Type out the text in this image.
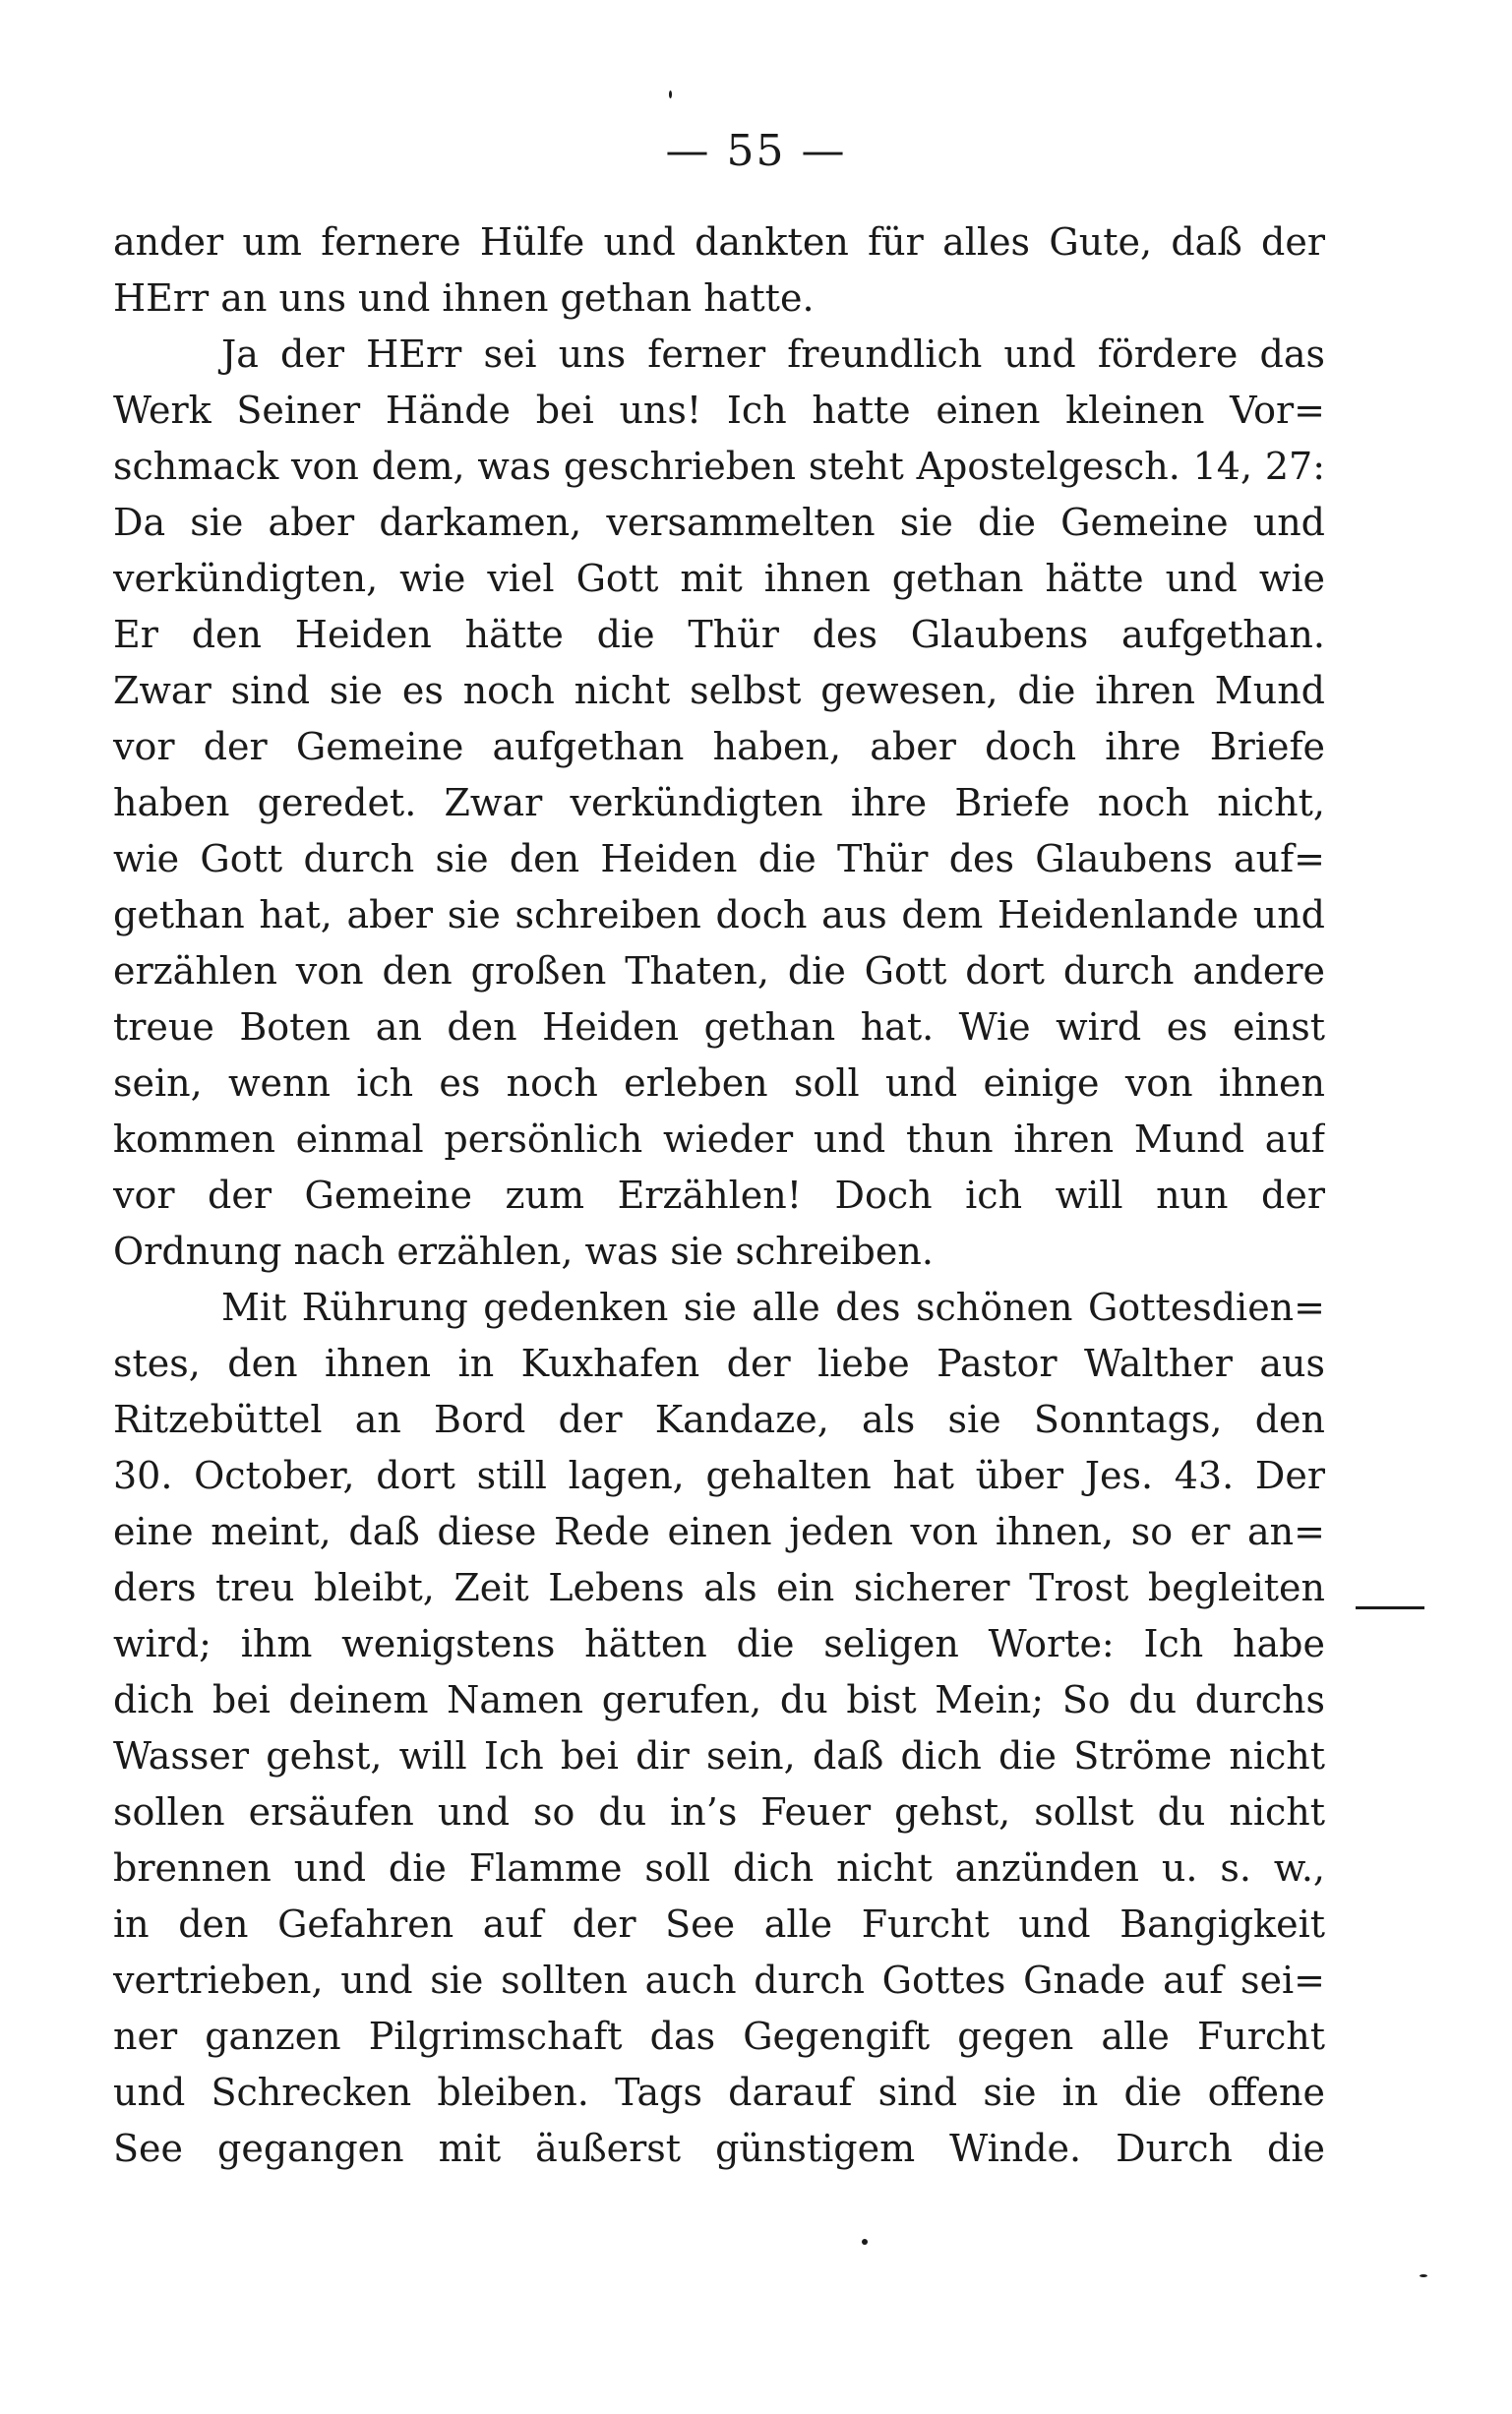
— 55 —
ander um fernere Hülfe und dankten für alles Gute, daß der
HErr an uns und ihnen gethan hatte.
Ja der HErr sei uns ferner freundlich und fördere das
Werk Seiner Hände bei uns! Ich hatte einen kleinen Vor=
schmack von dem, was geschrieben steht Apostelgesch. 14, 27:
Da sie aber darkamen, versammelten sie die Gemeine und
verkündigten, wie viel Gott mit ihnen gethan hätte und wie
Er den Heiden hätte die Thür des Glaubens aufgethan.
Zwar sind sie es noch nicht selbst gewesen, die ihren Mund
vor der Gemeine aufgethan haben, aber doch ihre Briefe
haben geredet. Zwar verkündigten ihre Briefe noch nicht,
wie Gott durch sie den Heiden die Thür des Glaubens auf=
gethan hat, aber sie schreiben doch aus dem Heidenlande und
erzählen von den großen Thaten, die Gott dort durch andere
treue Boten an den Heiden gethan hat. Wie wird es einst
sein, wenn ich es noch erleben soll und einige von ihnen
kommen einmal persönlich wieder und thun ihren Mund auf
vor der Gemeine zum Erzählen! Doch ich will nun der
Ordnung nach erzählen, was sie schreiben.
Mit Rührung gedenken sie alle des schönen Gottesdien=
stes, den ihnen in Kuxhafen der liebe Pastor Walther aus
Ritzebüttel an Bord der Kandaze, als sie Sonntags, den
30. October, dort still lagen, gehalten hat über Jes. 43. Der
eine meint, daß diese Rede einen jeden von ihnen, so er an=
ders treu bleibt, Zeit Lebens als ein sicherer Trost begleiten
wird; ihm wenigstens hätten die seligen Worte: Ich habe
dich bei deinem Namen gerufen, du bist Mein; So du durchs
Wasser gehst, will Ich bei dir sein, daß dich die Ströme nicht
sollen ersäufen und so du in’s Feuer gehst, sollst du nicht
brennen und die Flamme soll dich nicht anzünden u. s. w.,
in den Gefahren auf der See alle Furcht und Bangigkeit
vertrieben, und sie sollten auch durch Gottes Gnade auf sei=
ner ganzen Pilgrimschaft das Gegengift gegen alle Furcht
und Schrecken bleiben. Tags darauf sind sie in die offene
See gegangen mit äußerst günstigem Winde. Durch die
